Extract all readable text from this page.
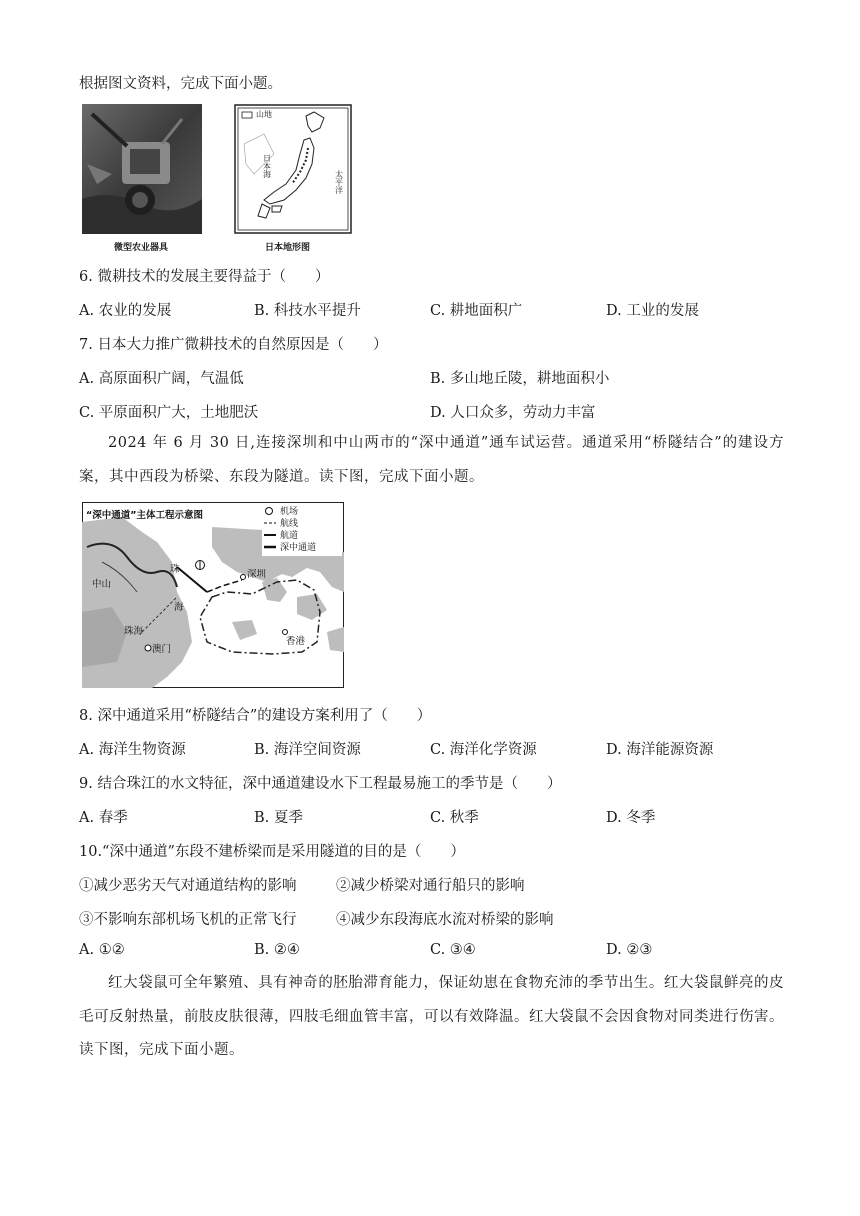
根据图文资料，完成下面小题。
山地
日本海
太平洋
微型农业器具	日本地形图
6. 微耕技术的发展主要得益于（　　）
A. 农业的发展	B. 科技水平提升	C. 耕地面积广	D. 工业的发展
7. 日本大力推广微耕技术的自然原因是（　　）
A. 高原面积广阔，气温低	B. 多山地丘陵，耕地面积小
C. 平原面积广大，土地肥沃	D. 人口众多，劳动力丰富
2024 年 6 月 30 日,连接深圳和中山两市的“深中通道”通车试运营。通道采用“桥隧结合”的建设方案，其中西段为桥梁、东段为隧道。读下图，完成下面小题。
机场
航线
航道
深中通道
“深中通道”主体工程示意图
中山
珠
海
深圳
珠海
澳门
香港
8. 深中通道采用“桥隧结合”的建设方案利用了（　　）
A. 海洋生物资源	B. 海洋空间资源	C. 海洋化学资源	D. 海洋能源资源
9. 结合珠江的水文特征，深中通道建设水下工程最易施工的季节是（　　）
A. 春季	B. 夏季	C. 秋季	D. 冬季
10.“深中通道”东段不建桥梁而是采用隧道的目的是（　　）
①减少恶劣天气对通道结构的影响	②减少桥梁对通行船只的影响
③不影响东部机场飞机的正常飞行	④减少东段海底水流对桥梁的影响
A. ①②	B. ②④	C. ③④	D. ②③
红大袋鼠可全年繁殖、具有神奇的胚胎滞育能力，保证幼崽在食物充沛的季节出生。红大袋鼠鲜亮的皮毛可反射热量，前肢皮肤很薄，四肢毛细血管丰富，可以有效降温。红大袋鼠不会因食物对同类进行伤害。读下图，完成下面小题。
